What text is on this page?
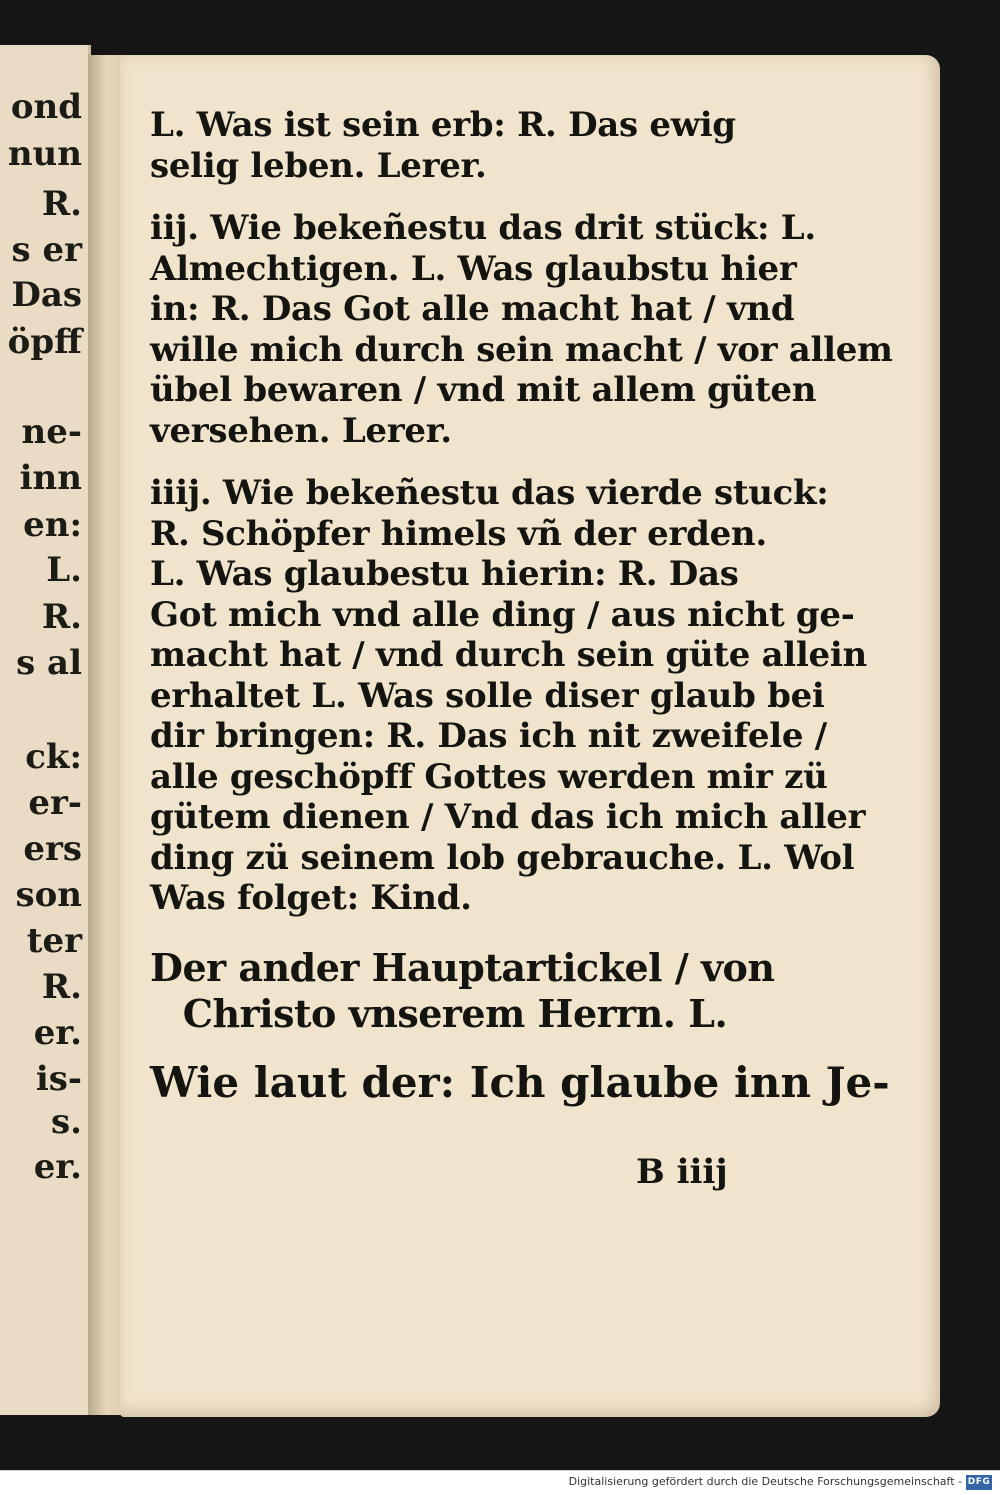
ond
nun
R.
s er
Das
öpff
ne-
inn
en:
L.
R.
s al
ck:
er-
ers
son
ter
R.
er.
is-
s.
er.
L. Was ist sein erb: R. Das ewig
selig leben. Lerer.
iij. Wie bekeñestu das drit stück: L.
Almechtigen. L. Was glaubstu hier
in: R. Das Got alle macht hat / vnd
wille mich durch sein macht / vor allem
übel bewaren / vnd mit allem güten
versehen. Lerer.
iiij. Wie bekeñestu das vierde stuck:
R. Schöpfer himels vñ der erden.
L. Was glaubestu hierin: R. Das
Got mich vnd alle ding / aus nicht ge-
macht hat / vnd durch sein güte allein
erhaltet L. Was solle diser glaub bei
dir bringen: R. Das ich nit zweifele /
alle geschöpff Gottes werden mir zü
gütem dienen / Vnd das ich mich aller
ding zü seinem lob gebrauche. L. Wol
Was folget: Kind.
Der ander Hauptartickel / von
Christo vnserem Herrn. L.
Wie laut der: Ich glaube inn Je-
B iiij
Digitalisierung gefördert durch die Deutsche Forschungsgemeinschaft - DFG
